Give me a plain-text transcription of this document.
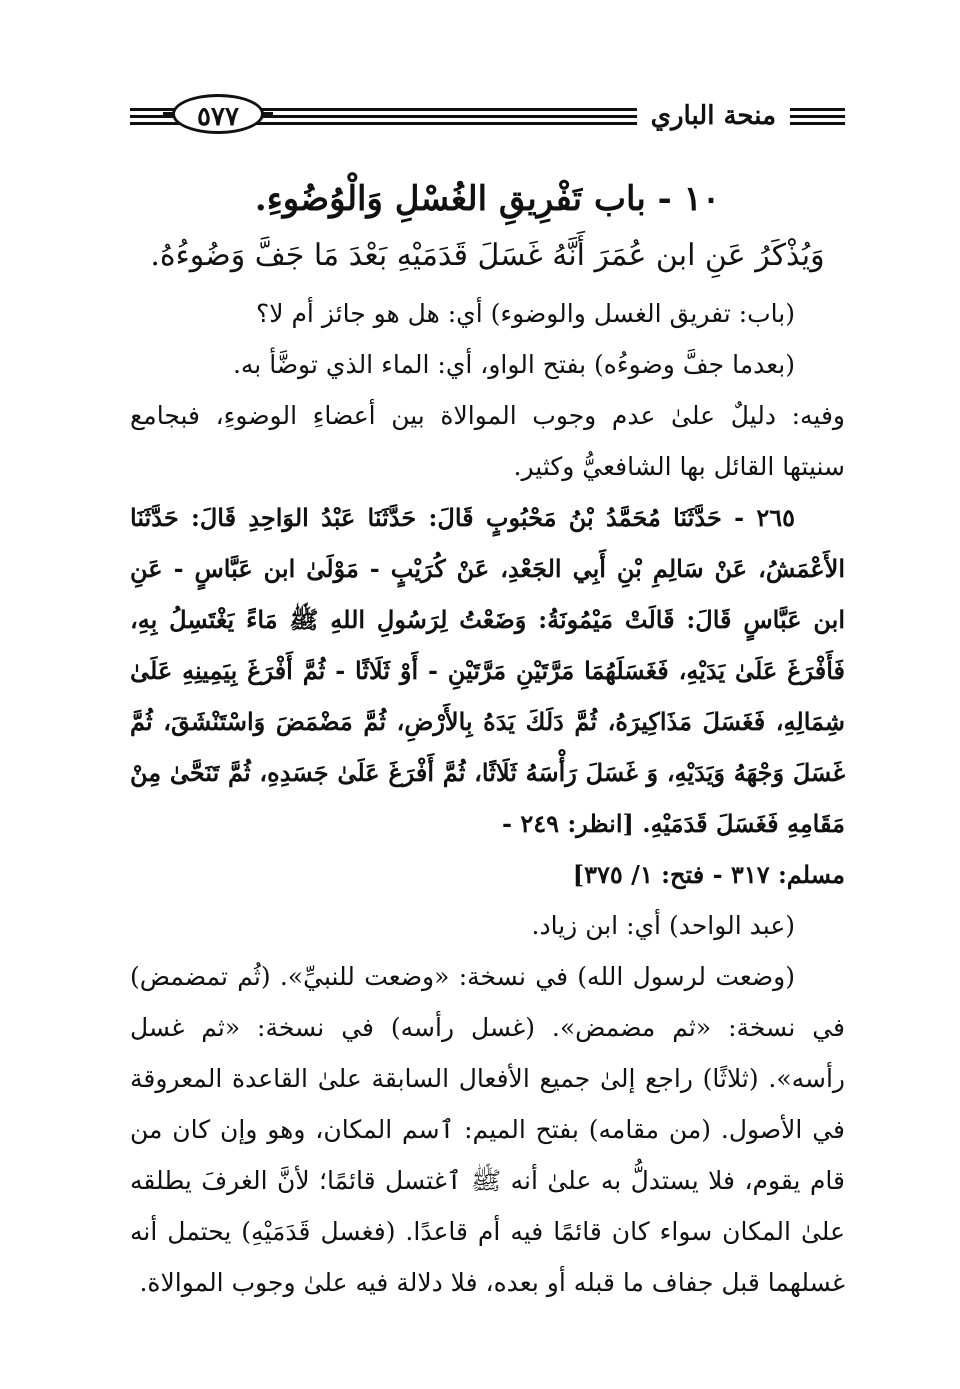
منحة الباري
٥٧٧
١٠ - باب تَفْرِيقِ الغُسْلِ وَالْوُضُوءِ.

وَيُذْكَرُ عَنِ ابن عُمَرَ أَنَّهُ غَسَلَ قَدَمَيْهِ بَعْدَ مَا جَفَّ وَضُوءُهُ.

(باب: تفريق الغسل والوضوء) أي: هل هو جائز أم لا؟

(بعدما جفَّ وضوءُه) بفتح الواو، أي: الماء الذي توضَّأ به.

وفيه: دليلٌ علىٰ عدم وجوب الموالاة بين أعضاءِ الوضوءِ، فبجامع سنيتها القائل بها الشافعيُّ وكثير.

٢٦٥ - حَدَّثَنَا مُحَمَّدُ بْنُ مَحْبُوبٍ قَالَ: حَدَّثَنَا عَبْدُ الوَاحِدِ قَالَ: حَدَّثَنَا الأَعْمَشُ، عَنْ سَالِمِ بْنِ أَبِي الجَعْدِ، عَنْ كُرَيْبٍ - مَوْلَىٰ ابن عَبَّاسٍ - عَنِ ابن عَبَّاسٍ قَالَ: قَالَتْ مَيْمُونَةُ: وَضَعْتُ لِرَسُولِ اللهِ ﷺ مَاءً يَغْتَسِلُ بِهِ، فَأَفْرَغَ عَلَىٰ يَدَيْهِ، فَغَسَلَهُمَا مَرَّتَيْنِ مَرَّتَيْنِ - أَوْ ثَلَاثًا - ثُمَّ أَفْرَغَ بِيَمِينِهِ عَلَىٰ شِمَالِهِ، فَغَسَلَ مَذَاكِيرَهُ، ثُمَّ دَلَكَ يَدَهُ بِالأَرْضِ، ثُمَّ مَضْمَضَ وَاسْتَنْشَقَ، ثُمَّ غَسَلَ وَجْهَهُ وَيَدَيْهِ، وَ غَسَلَ رَأْسَهُ ثَلَاثًا، ثُمَّ أَفْرَغَ عَلَىٰ جَسَدِهِ، ثُمَّ تَنَحَّىٰ مِنْ مَقَامِهِ فَغَسَلَ قَدَمَيْهِ. [انظر: ٢٤٩ -

مسلم: ٣١٧ - فتح: ١/ ٣٧٥]

(عبد الواحد) أي: ابن زياد.

(وضعت لرسول الله) في نسخة: «وضعت للنبيِّ». (ثُم تمضمض) في نسخة: «ثم مضمض». (غسل رأسه) في نسخة: «ثم غسل رأسه». (ثلاثًا) راجع إلىٰ جميع الأفعال السابقة علىٰ القاعدة المعروقة في الأصول. (من مقامه) بفتح الميم: ٱسم المكان، وهو وإن كان من قام يقوم، فلا يستدلُّ به علىٰ أنه ﷺ ٱغتسل قائمًا؛ لأنَّ الغرفَ يطلقه علىٰ المكان سواء كان قائمًا فيه أم قاعدًا. (فغسل قَدَمَيْهِ) يحتمل أنه غسلهما قبل جفاف ما قبله أو بعده، فلا دلالة فيه علىٰ وجوب الموالاة.
